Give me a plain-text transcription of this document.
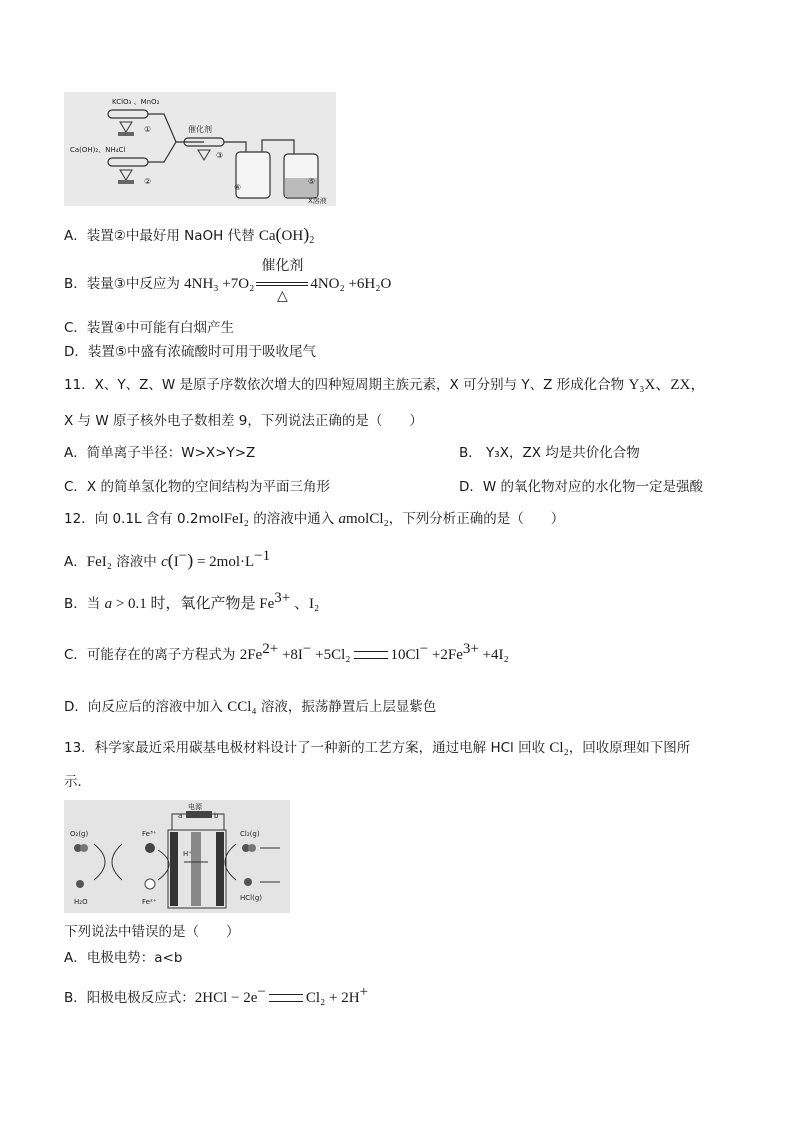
KClO₃ 、MnO₂
Ca(OH)₂、NH₄Cl
①
②
催化剂
③
④
⑤
X溶液
A．装置②中最好用 NaOH 代替 $Ca(OH)_2$
B．装量③中反应为 4NH₃ +7O₂
催化剂
△
4NO₂ +6H₂O
C．装置④中可能有白烟产生
D．装置⑤中盛有浓硫酸时可用于吸收尾气
11．X、Y、Z、W 是原子序数依次增大的四种短周期主族元素，X 可分别与 Y、Z 形成化合物 Y₃X、ZX，
X 与 W 原子核外电子数相差 9，下列说法正确的是（　　）
A．简单离子半径：W>X>Y>Z	B． Y₃X，ZX 均是共价化合物
C．X 的简单氢化物的空间结构为平面三角形	D．W 的氧化物对应的水化物一定是强酸
12．向 0.1L 含有 0.2molFeI₂ 的溶液中通入 amolCl₂，下列分析正确的是（　　）
A．FeI₂ 溶液中 $c(I^-) = 2mol\cdot L^{-1}$
B．当 a > 0.1 时，氧化产物是 $Fe^{3+}$ 、I₂
C．可能存在的离子方程式为 $2Fe^{2+} +8I^- +5Cl_2$	$10Cl^- +2Fe^{3+} +4I_2$
D．向反应后的溶液中加入 CCl₄ 溶液，振荡静置后上层显紫色
13．科学家最近采用碳基电极材料设计了一种新的工艺方案，通过电解 HCl 回收 Cl₂，回收原理如下图所
示．
电源
a	b
O₂(g)
H₂O
Fe³⁺
Fe²⁺
H⁺
Cl₂(g)
HCl(g)
下列说法中错误的是（　　）
A．电极电势：a<b
B．阳极电极反应式：2HCl − 2e−	Cl₂ + 2H+
